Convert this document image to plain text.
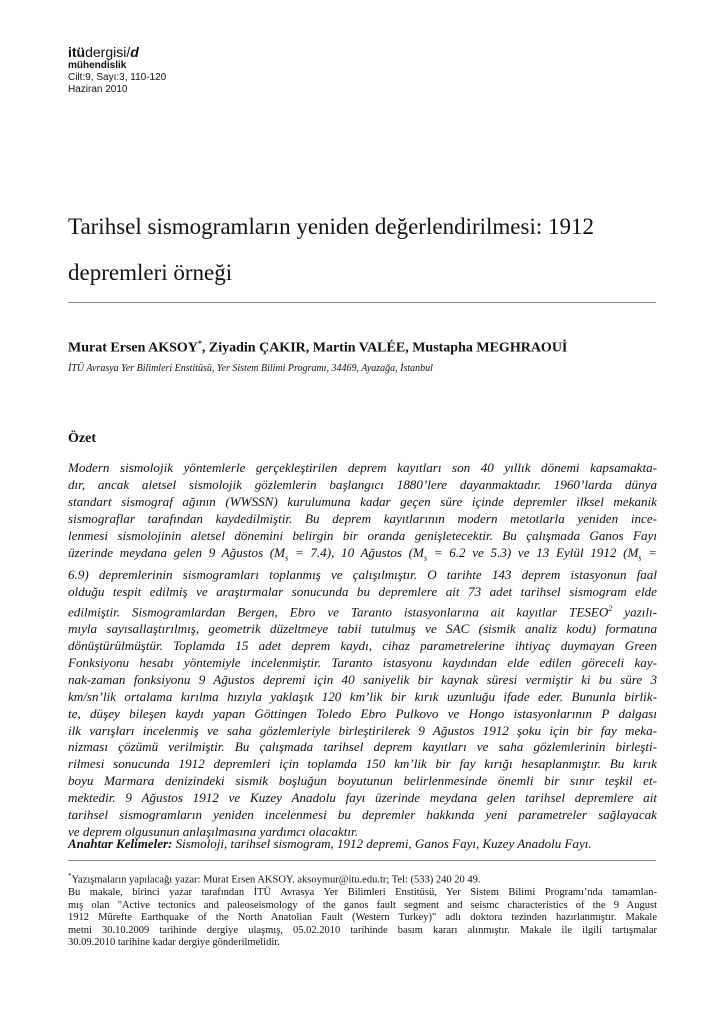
itüdergisi/d
mühendislik
Cilt:9, Sayı:3, 110-120
Haziran 2010
Tarihsel sismogramların yeniden değerlendirilmesi: 1912 depremleri örneği
Murat Ersen AKSOY*, Ziyadin ÇAKIR, Martin VALÉE, Mustapha MEGHRAOUİ
İTÜ Avrasya Yer Bilimleri Enstitüsü, Yer Sistem Bilimi Programı, 34469, Ayazağa, İstanbul
Özet
Modern sismolojik yöntemlerle gerçekleştirilen deprem kayıtları son 40 yıllık dönemi kapsamakta-
dır, ancak aletsel sismolojik gözlemlerin başlangıcı 1880’lere dayanmaktadır. 1960’larda dünya
standart sismograf ağının (WWSSN) kurulumuna kadar geçen süre içinde depremler ilksel mekanik
sismograflar tarafından kaydedilmiştir. Bu deprem kayıtlarının modern metotlarla yeniden ince-
lenmesi sismolojinin aletsel dönemini belirgin bir oranda genişletecektir. Bu çalışmada Ganos Fayı
üzerinde meydana gelen 9 Ağustos $(M_s = 7.4)$, 10 Ağustos ($M_s = 6.2$ ve 5.3) ve 13 Eylül 1912 ($M_s$ =
6.9) depremlerinin sismogramları toplanmış ve çalışılmıştır. O tarihte 143 deprem istasyonun faal
olduğu tespit edilmiş ve araştırmalar sonucunda bu depremlere ait 73 adet tarihsel sismogram elde
edilmiştir. Sismogramlardan Bergen, Ebro ve Taranto istasyonlarına ait kayıtlar TESEO$^2$ yazılı-
mıyla sayısallaştırılmış, geometrik düzeltmeye tabii tutulmuş ve SAC (sismik analiz kodu) formatına
dönüştürülmüştür. Toplamda 15 adet deprem kaydı, cihaz parametrelerine ihtiyaç duymayan Green
Fonksiyonu hesabı yöntemiyle incelenmiştir. Taranto istasyonu kaydından elde edilen göreceli kay-
nak-zaman fonksiyonu 9 Ağustos depremi için 40 saniyelik bir kaynak süresi vermiştir ki bu süre 3
km/sn’lik ortalama kırılma hızıyla yaklaşık 120 km’lik bir kırık uzunluğu ifade eder. Bununla birlik-
te, düşey bileşen kaydı yapan Göttingen Toledo Ebro Pulkovo ve Hongo istasyonlarının P dalgası
ilk varışları incelenmiş ve saha gözlemleriyle birleştirilerek 9 Ağustos 1912 şoku için bir fay meka-
nizması çözümü verilmiştir. Bu çalışmada tarihsel deprem kayıtları ve saha gözlemlerinin birleşti-
rilmesi sonucunda 1912 depremleri için toplamda 150 km’lik bir fay kırığı hesaplanmıştır. Bu kırık
boyu Marmara denizindeki sismik boşluğun boyutunun belirlenmesinde önemli bir sınır teşkil et-
mektedir. 9 Ağustos 1912 ve Kuzey Anadolu fayı üzerinde meydana gelen tarihsel depremlere ait
tarihsel sismogramların yeniden incelenmesi bu depremler hakkında yeni parametreler sağlayacak
ve deprem olgusunun anlaşılmasına yardımcı olacaktır.
Anahtar Kelimeler: Sismoloji, tarihsel sismogram, 1912 depremi, Ganos Fayı, Kuzey Anadolu Fayı.
*Yazışmaların yapılacağı yazar: Murat Ersen AKSOY. aksoymur@itu.edu.tr; Tel: (533) 240 20 49.
Bu makale, birinci yazar tarafından İTÜ Avrasya Yer Bilimleri Enstitüsü, Yer Sistem Bilimi Programı’nda tamamlan-
mış olan "Active tectonics and paleoseismology of the ganos fault segment and seismc characteristics of the 9 August
1912 Mürefte Earthquake of the North Anatolian Fault (Western Turkey)" adlı doktora tezinden hazırlanmıştır. Makale
metni 30.10.2009 tarihinde dergiye ulaşmış, 05.02.2010 tarihinde basım kararı alınmıştır. Makale ile ilgili tartışmalar
30.09.2010 tarihine kadar dergiye gönderilmelidir.
